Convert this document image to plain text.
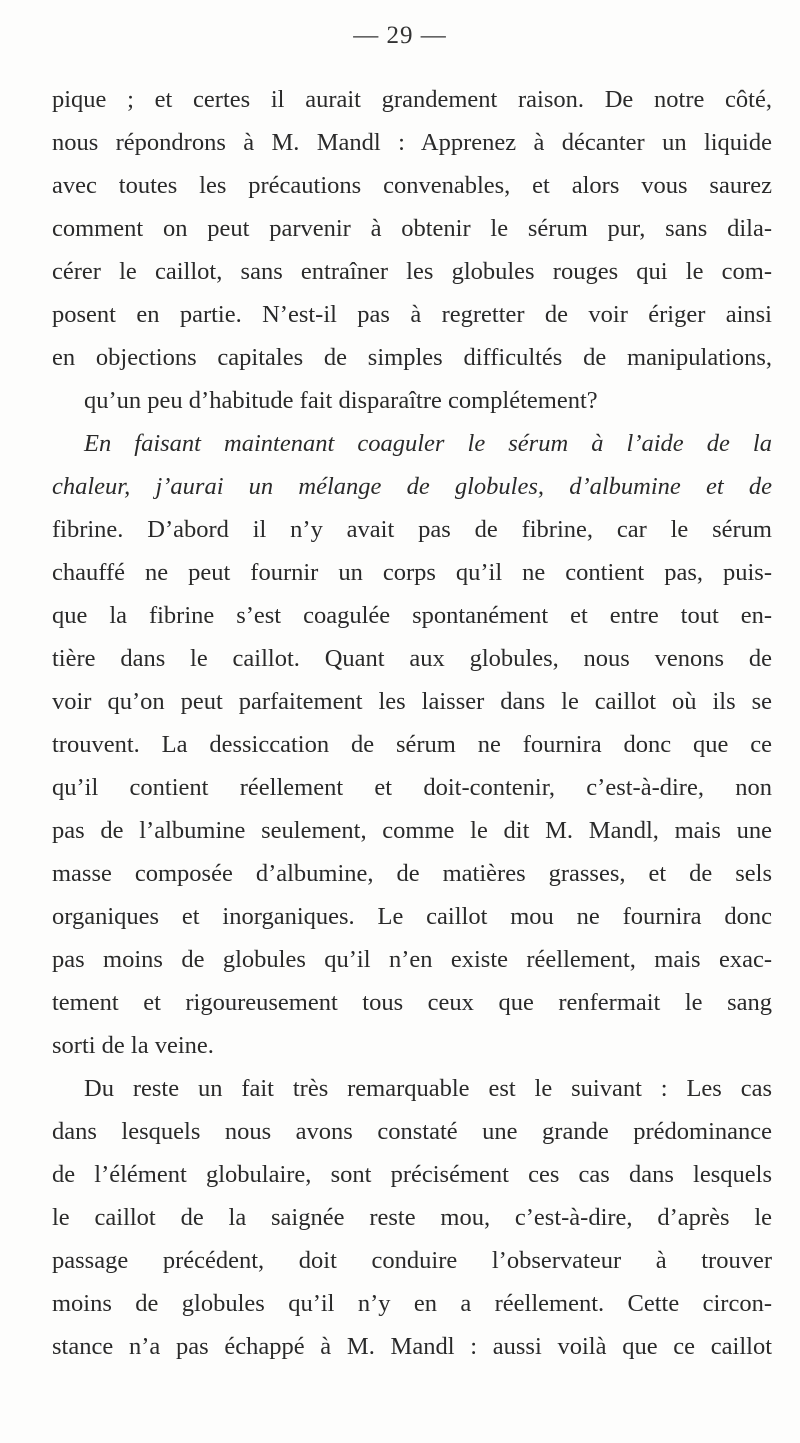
— 29 —

pique ; et certes il aurait grandement raison. De notre côté,
nous répondrons à M. Mandl : Apprenez à décanter un liquide
avec toutes les précautions convenables, et alors vous saurez
comment on peut parvenir à obtenir le sérum pur, sans dila-
cérer le caillot, sans entraîner les globules rouges qui le com-
posent en partie. N’est-il pas à regretter de voir ériger ainsi
en objections capitales de simples difficultés de manipulations,
qu’un peu d’habitude fait disparaître complétement?

En faisant maintenant coaguler le sérum à l’aide de la
chaleur, j’aurai un mélange de globules, d’albumine et de
fibrine. D’abord il n’y avait pas de fibrine, car le sérum
chauffé ne peut fournir un corps qu’il ne contient pas, puis-
que la fibrine s’est coagulée spontanément et entre tout en-
tière dans le caillot. Quant aux globules, nous venons de
voir qu’on peut parfaitement les laisser dans le caillot où ils se
trouvent. La dessiccation de sérum ne fournira donc que ce
qu’il contient réellement et doit-contenir, c’est-à-dire, non
pas de l’albumine seulement, comme le dit M. Mandl, mais une
masse composée d’albumine, de matières grasses, et de sels
organiques et inorganiques. Le caillot mou ne fournira donc
pas moins de globules qu’il n’en existe réellement, mais exac-
tement et rigoureusement tous ceux que renfermait le sang
sorti de la veine.

Du reste un fait très remarquable est le suivant : Les cas
dans lesquels nous avons constaté une grande prédominance
de l’élément globulaire, sont précisément ces cas dans lesquels
le caillot de la saignée reste mou, c’est-à-dire, d’après le
passage précédent, doit conduire l’observateur à trouver
moins de globules qu’il n’y en a réellement. Cette circon-
stance n’a pas échappé à M. Mandl : aussi voilà que ce caillot
